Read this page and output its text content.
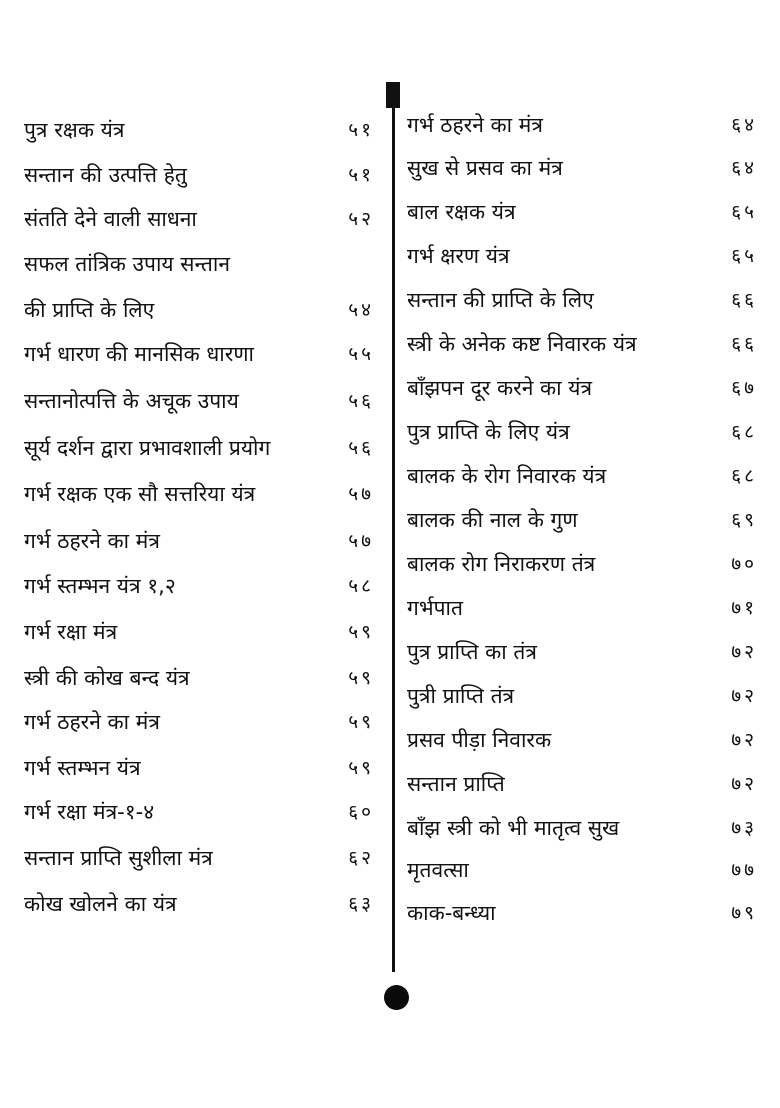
पुत्र रक्षक यंत्र	५१
सन्तान की उत्पत्ति हेतु	५१
संतति देने वाली साधना	५२
सफल तांत्रिक उपाय सन्तान
की प्राप्ति के लिए	५४
गर्भ धारण की मानसिक धारणा	५५
सन्तानोत्पत्ति के अचूक उपाय	५६
सूर्य दर्शन द्वारा प्रभावशाली प्रयोग	५६
गर्भ रक्षक एक सौ सत्तरिया यंत्र	५७
गर्भ ठहरने का मंत्र	५७
गर्भ स्तम्भन यंत्र १,२	५८
गर्भ रक्षा मंत्र	५९
स्त्री की कोख बन्द यंत्र	५९
गर्भ ठहरने का मंत्र	५९
गर्भ स्तम्भन यंत्र	५९
गर्भ रक्षा मंत्र-१-४	६०
सन्तान प्राप्ति सुशीला मंत्र	६२
कोख खोलने का यंत्र	६३
गर्भ ठहरने का मंत्र	६४
सुख से प्रसव का मंत्र	६४
बाल रक्षक यंत्र	६५
गर्भ क्षरण यंत्र	६५
सन्तान की प्राप्ति के लिए	६६
स्त्री के अनेक कष्ट निवारक यंत्र	६६
बाँझपन दूर करने का यंत्र	६७
पुत्र प्राप्ति के लिए यंत्र	६८
बालक के रोग निवारक यंत्र	६८
बालक की नाल के गुण	६९
बालक रोग निराकरण तंत्र	७०
गर्भपात	७१
पुत्र प्राप्ति का तंत्र	७२
पुत्री प्राप्ति तंत्र	७२
प्रसव पीड़ा निवारक	७२
सन्तान प्राप्ति	७२
बाँझ स्त्री को भी मातृत्व सुख	७३
मृतवत्सा	७७
काक-बन्ध्या	७९
